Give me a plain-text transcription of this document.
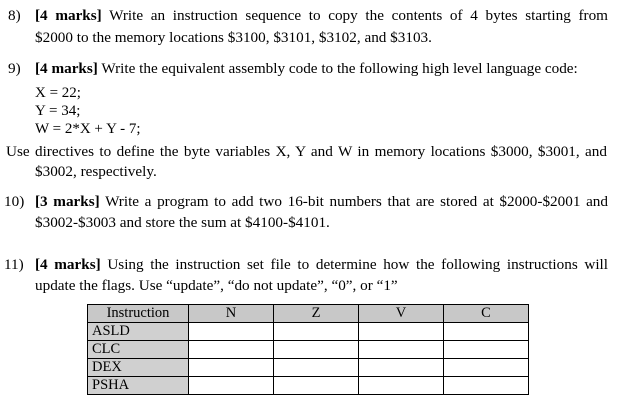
8) [4 marks] Write an instruction sequence to copy the contents of 4 bytes starting from
$2000 to the memory locations $3100, $3101, $3102, and $3103.
9) [4 marks] Write the equivalent assembly code to the following high level language code:
X = 22;
Y = 34;
W = 2*X + Y - 7;
Use directives to define the byte variables X, Y and W in memory locations $3000, $3001, and
$3002, respectively.
10) [3 marks] Write a program to add two 16-bit numbers that are stored at $2000-$2001 and
$3002-$3003 and store the sum at $4100-$4101.
11) [4 marks] Using the instruction set file to determine how the following instructions will
update the flags. Use “update”, “do not update”, “0”, or “1”
Instruction	N	Z	V	C
ASLD				
CLC				
DEX				
PSHA				
